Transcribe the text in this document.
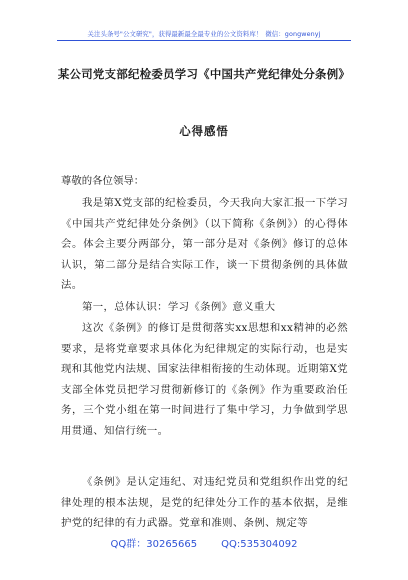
关注头条号"公文研究"，获得最新最全最专业的公文资料库！ 微信：gongwenyj
某公司党支部纪检委员学习《中国共产党纪律处分条例》
心得感悟
尊敬的各位领导：

我是第X党支部的纪检委员，今天我向大家汇报一下学习《中国共产党纪律处分条例》（以下简称《条例》）的心得体会。体会主要分两部分，第一部分是对《条例》修订的总体认识，第二部分是结合实际工作，谈一下贯彻条例的具体做法。

第一，总体认识：学习《条例》意义重大

这次《条例》的修订是贯彻落实xx思想和xx精神的必然要求，是将党章要求具体化为纪律规定的实际行动，也是实现和其他党内法规、国家法律相衔接的生动体现。近期第X党支部全体党员把学习贯彻新修订的《条例》作为重要政治任务，三个党小组在第一时间进行了集中学习，力争做到学思用贯通、知信行统一。

《条例》是认定违纪、对违纪党员和党组织作出党的纪律处理的根本法规，是党的纪律处分工作的基本依据，是维护党的纪律的有力武器。党章和准则、条例、规定等

QQ群：30265665 QQ:535304092
